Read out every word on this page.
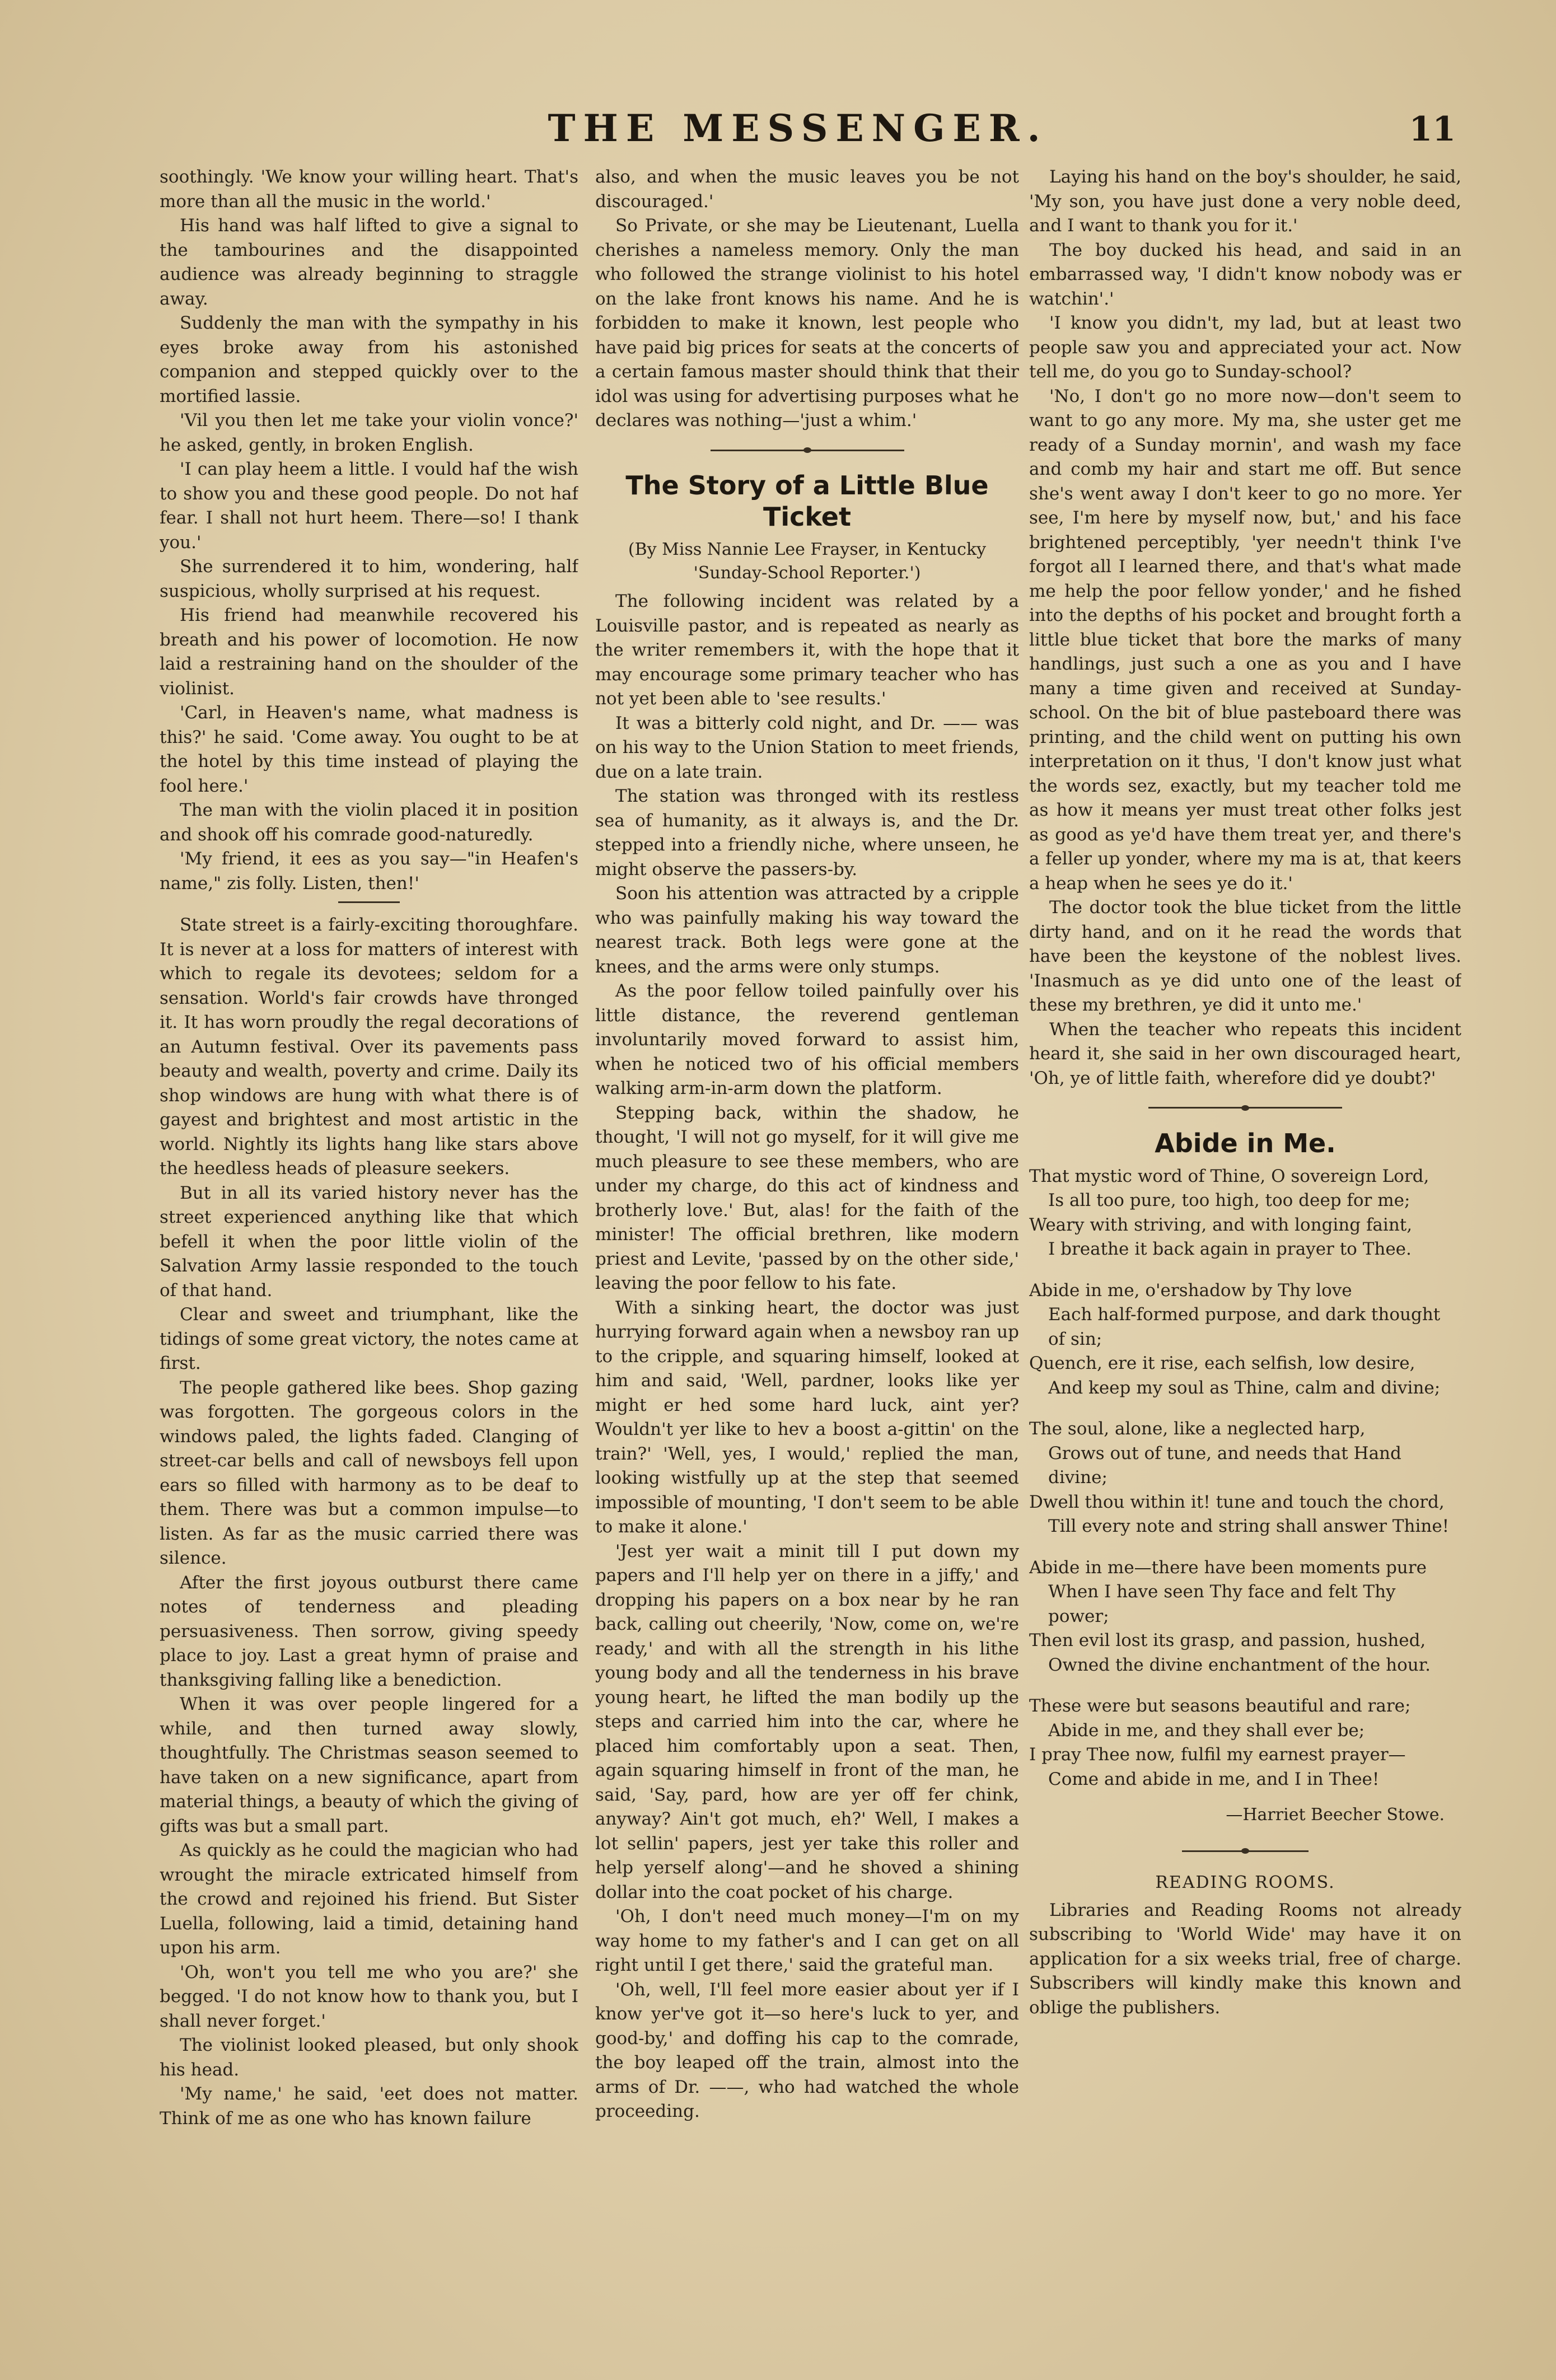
THE MESSENGER.	11

soothingly. 'We know your willing heart. That's more than all the music in the world.'

His hand was half lifted to give a signal to the tambourines and the disappointed audience was already beginning to straggle away.

Suddenly the man with the sympathy in his eyes broke away from his astonished companion and stepped quickly over to the mortified lassie.

'Vil you then let me take your violin vonce?' he asked, gently, in broken English.

'I can play heem a little. I vould haf the wish to show you and these good people. Do not haf fear. I shall not hurt heem. There—so! I thank you.'

She surrendered it to him, wondering, half suspicious, wholly surprised at his request.

His friend had meanwhile recovered his breath and his power of locomotion. He now laid a restraining hand on the shoulder of the violinist.

'Carl, in Heaven's name, what madness is this?' he said. 'Come away. You ought to be at the hotel by this time instead of playing the fool here.'

The man with the violin placed it in position and shook off his comrade good-naturedly.

'My friend, it ees as you say—"in Heafen's name," zis folly. Listen, then!'

State street is a fairly-exciting thoroughfare. It is never at a loss for matters of interest with which to regale its devotees; seldom for a sensation. World's fair crowds have thronged it. It has worn proudly the regal decorations of an Autumn festival. Over its pavements pass beauty and wealth, poverty and crime. Daily its shop windows are hung with what there is of gayest and brightest and most artistic in the world. Nightly its lights hang like stars above the heedless heads of pleasure seekers.

But in all its varied history never has the street experienced anything like that which befell it when the poor little violin of the Salvation Army lassie responded to the touch of that hand.

Clear and sweet and triumphant, like the tidings of some great victory, the notes came at first.

The people gathered like bees. Shop gazing was forgotten. The gorgeous colors in the windows paled, the lights faded. Clanging of street-car bells and call of newsboys fell upon ears so filled with harmony as to be deaf to them. There was but a common impulse—to listen. As far as the music carried there was silence.

After the first joyous outburst there came notes of tenderness and pleading persuasiveness. Then sorrow, giving speedy place to joy. Last a great hymn of praise and thanksgiving falling like a benediction.

When it was over people lingered for a while, and then turned away slowly, thoughtfully. The Christmas season seemed to have taken on a new significance, apart from material things, a beauty of which the giving of gifts was but a small part.

As quickly as he could the magician who had wrought the miracle extricated himself from the crowd and rejoined his friend. But Sister Luella, following, laid a timid, detaining hand upon his arm.

'Oh, won't you tell me who you are?' she begged. 'I do not know how to thank you, but I shall never forget.'

The violinist looked pleased, but only shook his head.

'My name,' he said, 'eet does not matter. Think of me as one who has known failure

also, and when the music leaves you be not discouraged.'

So Private, or she may be Lieutenant, Luella cherishes a nameless memory. Only the man who followed the strange violinist to his hotel on the lake front knows his name. And he is forbidden to make it known, lest people who have paid big prices for seats at the concerts of a certain famous master should think that their idol was using for advertising purposes what he declares was nothing—'just a whim.'

The Story of a Little Blue Ticket
(By Miss Nannie Lee Frayser, in Kentucky 'Sunday-School Reporter.')

The following incident was related by a Louisville pastor, and is repeated as nearly as the writer remembers it, with the hope that it may encourage some primary teacher who has not yet been able to 'see results.'

It was a bitterly cold night, and Dr. —— was on his way to the Union Station to meet friends, due on a late train.

The station was thronged with its restless sea of humanity, as it always is, and the Dr. stepped into a friendly niche, where unseen, he might observe the passers-by.

Soon his attention was attracted by a cripple who was painfully making his way toward the nearest track. Both legs were gone at the knees, and the arms were only stumps.

As the poor fellow toiled painfully over his little distance, the reverend gentleman involuntarily moved forward to assist him, when he noticed two of his official members walking arm-in-arm down the platform.

Stepping back, within the shadow, he thought, 'I will not go myself, for it will give me much pleasure to see these members, who are under my charge, do this act of kindness and brotherly love.' But, alas! for the faith of the minister! The official brethren, like modern priest and Levite, 'passed by on the other side,' leaving the poor fellow to his fate.

With a sinking heart, the doctor was just hurrying forward again when a newsboy ran up to the cripple, and squaring himself, looked at him and said, 'Well, pardner, looks like yer might er hed some hard luck, aint yer? Wouldn't yer like to hev a boost a-gittin' on the train?' 'Well, yes, I would,' replied the man, looking wistfully up at the step that seemed impossible of mounting, 'I don't seem to be able to make it alone.'

'Jest yer wait a minit till I put down my papers and I'll help yer on there in a jiffy,' and dropping his papers on a box near by he ran back, calling out cheerily, 'Now, come on, we're ready,' and with all the strength in his lithe young body and all the tenderness in his brave young heart, he lifted the man bodily up the steps and carried him into the car, where he placed him comfortably upon a seat. Then, again squaring himself in front of the man, he said, 'Say, pard, how are yer off fer chink, anyway? Ain't got much, eh?' Well, I makes a lot sellin' papers, jest yer take this roller and help yerself along'—and he shoved a shining dollar into the coat pocket of his charge.

'Oh, I don't need much money—I'm on my way home to my father's and I can get on all right until I get there,' said the grateful man.

'Oh, well, I'll feel more easier about yer if I know yer've got it—so here's luck to yer, and good-by,' and doffing his cap to the comrade, the boy leaped off the train, almost into the arms of Dr. ——, who had watched the whole proceeding.

Laying his hand on the boy's shoulder, he said, 'My son, you have just done a very noble deed, and I want to thank you for it.'

The boy ducked his head, and said in an embarrassed way, 'I didn't know nobody was er watchin'.'

'I know you didn't, my lad, but at least two people saw you and appreciated your act. Now tell me, do you go to Sunday-school?

'No, I don't go no more now—don't seem to want to go any more. My ma, she uster get me ready of a Sunday mornin', and wash my face and comb my hair and start me off. But sence she's went away I don't keer to go no more. Yer see, I'm here by myself now, but,' and his face brightened perceptibly, 'yer needn't think I've forgot all I learned there, and that's what made me help the poor fellow yonder,' and he fished into the depths of his pocket and brought forth a little blue ticket that bore the marks of many handlings, just such a one as you and I have many a time given and received at Sunday-school. On the bit of blue pasteboard there was printing, and the child went on putting his own interpretation on it thus, 'I don't know just what the words sez, exactly, but my teacher told me as how it means yer must treat other folks jest as good as ye'd have them treat yer, and there's a feller up yonder, where my ma is at, that keers a heap when he sees ye do it.'

The doctor took the blue ticket from the little dirty hand, and on it he read the words that have been the keystone of the noblest lives. 'Inasmuch as ye did unto one of the least of these my brethren, ye did it unto me.'

When the teacher who repeats this incident heard it, she said in her own discouraged heart, 'Oh, ye of little faith, wherefore did ye doubt?'

Abide in Me.
That mystic word of Thine, O sovereign Lord,
Is all too pure, too high, too deep for me;
Weary with striving, and with longing faint,
I breathe it back again in prayer to Thee.
Abide in me, o'ershadow by Thy love
Each half-formed purpose, and dark thought of sin;
Quench, ere it rise, each selfish, low desire,
And keep my soul as Thine, calm and divine;
The soul, alone, like a neglected harp,
Grows out of tune, and needs that Hand divine;
Dwell thou within it! tune and touch the chord,
Till every note and string shall answer Thine!
Abide in me—there have been moments pure
When I have seen Thy face and felt Thy power;
Then evil lost its grasp, and passion, hushed,
Owned the divine enchantment of the hour.
These were but seasons beautiful and rare;
Abide in me, and they shall ever be;
I pray Thee now, fulfil my earnest prayer—
Come and abide in me, and I in Thee!
—Harriet Beecher Stowe.
READING ROOMS.

Libraries and Reading Rooms not already subscribing to 'World Wide' may have it on application for a six weeks trial, free of charge. Subscribers will kindly make this known and oblige the publishers.
